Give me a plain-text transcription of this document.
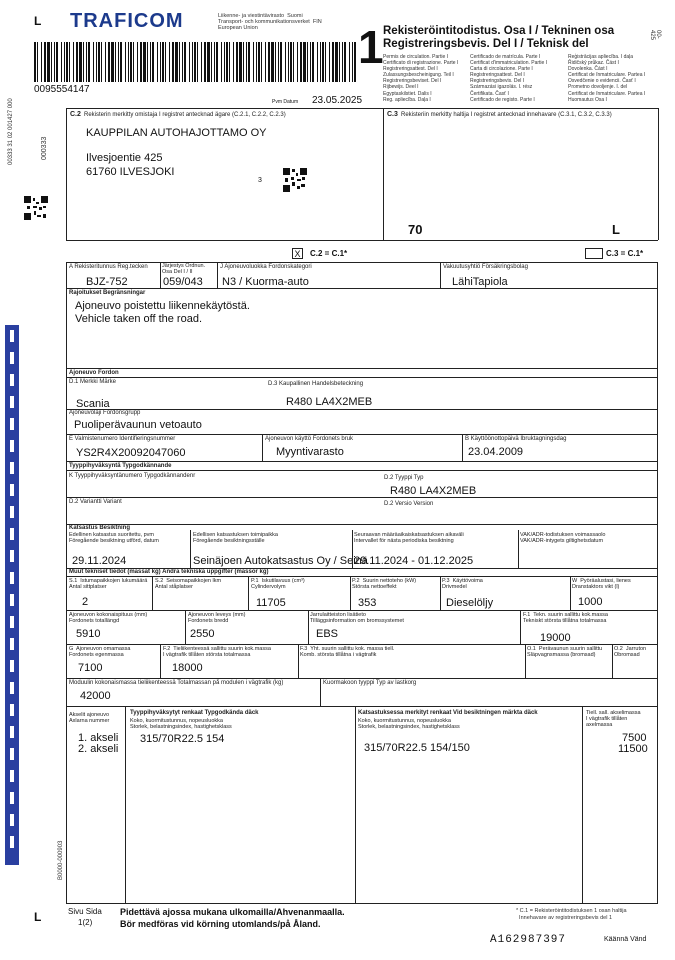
L
L
00-425
00333 31 02 001427 000	000333
TRAFICOM	Liikenne- ja viestintävirasto  Suomi
Transport- och kommunikationsverket  FIN
European Union
0095554147
Pvm Datum 23.05.2025
1 Rekisteröintitodistus. Osa I / Tekninen osa
Registreringsbevis. Del I / Teknisk del
Permis de circulation. Partie I
Certificato di registrazione. Parte I
Registreringsattest. Del I
Zulassungsbescheinigung. Teil I
Registreringsbeviset. Del I
Rijbewijs. Deel I
Egyptaskilstiet. Dalis I
Reg. apliecība. Daļa I
Certificado de matrícula. Parte I
Certificat d'immatriculation. Partie I
Carta di circolazione. Parte I
Registreringsattest. Del I
Registreringsbevis. Del I
Származási igazolás. I. rész
Čertifikata. Časť I
Certificado de registo. Parte I
Reģistrācijas apliecība. I daļa
Řidičský průkaz. Část I
Dovolenka. Část I
Certificat de înmatriculare. Partea I
Osvedčenie o evidencii. Časť I
Prometno dovoljenje. I. del
Certificat de înmatriculare. Partea I
Huomautus Osa I
C.2 Rekisterin merkitty omistaja I registret antecknad ägare (C.2.1, C.2.2, C.2.3)
KAUPPILAN AUTOHAJOTTAMO OY
Ilvesjoentie 425
61760 ILVESJOKI
3
C.3 Rekisteriin merkitty haltija I registret antecknad innehavare (C.3.1, C.3.2, C.3.3)
70	L
X	C.2 = C.1*	C.3 = C.1*
A Rekisteritunnus Reg.tecken
BJZ-752
Järjestys Ordnun.
Osa Del I / II
059/043
J Ajoneuvoluokka Fordonskategori
N3 / Kuorma-auto
Vakuutusyhtiö Försäkringsbolag
LähiTapiola
Rajoitukset Begränsningar
Ajoneuvo poistettu liikennekäytöstä.
Vehicle taken off the road.
Ajoneuvo Fordon
D.1 Merkki Märke
Scania
D.3 Kaupallinen Handelsbeteckning
R480 LA4X2MEB
Ajoneuvolaji Fordonsgrupp
Puoliperävaunun vetoauto
E Valmistenumero Identifieringsnummer
YS2R4X20092047060
Ajoneuvon käyttö Fordonets bruk
Myyntivarasto
B Käyttöönottopäivä Ibruktagningsdag
23.04.2009
Tyyppihyväksyntä Typgodkännande
K Tyyppihyväksyntänumero Typgodkännandenr	D.2 Tyyppi Typ
R480 LA4X2MEB
D.2 Variantti Variant	D.2 Versio Version
Katsastus Besiktning
Edellinen katsastus suoritettu, pvm
Föregående besiktning utförd, datum
29.11.2024
Edellisen katsastuksen toimipaikka
Föregående besiktningsställe
Seinäjoen Autokatsastus Oy / Seinä
Seuraavan määräaikaiskatsastuksen aikaväli
Intervallet för nästa periodiska besiktning
29.11.2024 - 01.12.2025
VAK/ADR-todistuksen voimassaolo
VAK/ADR-intygets giltighetsdatum
Muut tekniset tiedot (massat kg) Andra tekniska uppgifter (massor kg)
S.1  Istumapaikkojen lukumäärä
Antal sittplatser
2
S.2  Seisomapaikkojen lkm
Antal ståplatser
P.1  Iskutilavuus (cm³)
Cylindervolym
11705
P.2  Suurin nettoteho (kW)
Största nettoeffekt
353
P.3  Käyttövoima
Drivmedel
Dieselöljy
W  Pyöräalustasi, lienes
Dranstaktors vikt (l)
1000
Ajoneuvon kokonaispituus (mm)
Fordonets totallängd
5910
Ajoneuvon leveys (mm)
Fordonets bredd
2550
Jarrulaitteiston lisätieto
Tilläggsinformation om bromssystemet
EBS
F.1  Tekn. suurin sallittu kok.massa
Tekniskt största tillåtna totalmassa
19000
G  Ajoneuvon omamassa
Fordonets egenmassa
7100
F.2  Tieliikenteessä sallittu suurin kok.massa
I vägtrafik tillåten största totalmassa
18000
F.3  Yht. suurin sallittu kok. massa tiell.
Komb. största tillåtna i vägtrafik
O.1  Perävaunun suurin sallittu
Släpvagnsmassa (bromsad)
O.2  Jarruton
Obromsad
Moduulin kokonaismassa tieliikenteessä Totalmassan på modulen i vägtrafik (kg)
42000
Kuormakoon tyyppi Typ av lastkorg
Akselit ajoneuvo
Axlarna nummer
1. akseli
2. akseli
Tyyppihyväksytyt renkaat Typgodkända däck
Koko, kuormitustunnus, nopeusluokka
Storlek, belastningsindex, hastighetsklass
315/70R22.5 154
Katsastuksessa merkityt renkaat Vid besiktningen märkta däck
Koko, kuormitustunnus, nopeusluokka
Storlek, belastningsindex, hastighetsklass
315/70R22.5 154/150
Tiell. sall. akselimassa
I vägtrafik tillåten
axelmassa
7500
11500
B0000-000903
Sivu Sida
1(2)
Pidettävä ajossa mukana ulkomailla/Ahvenanmaalla.
Bör medföras vid körning utomlands/på Åland.
* C.1 = Rekisteröintitodistuksen 1 osan haltija
Innehavare av registreringsbevis del 1
A162987397	Käännä Vänd
